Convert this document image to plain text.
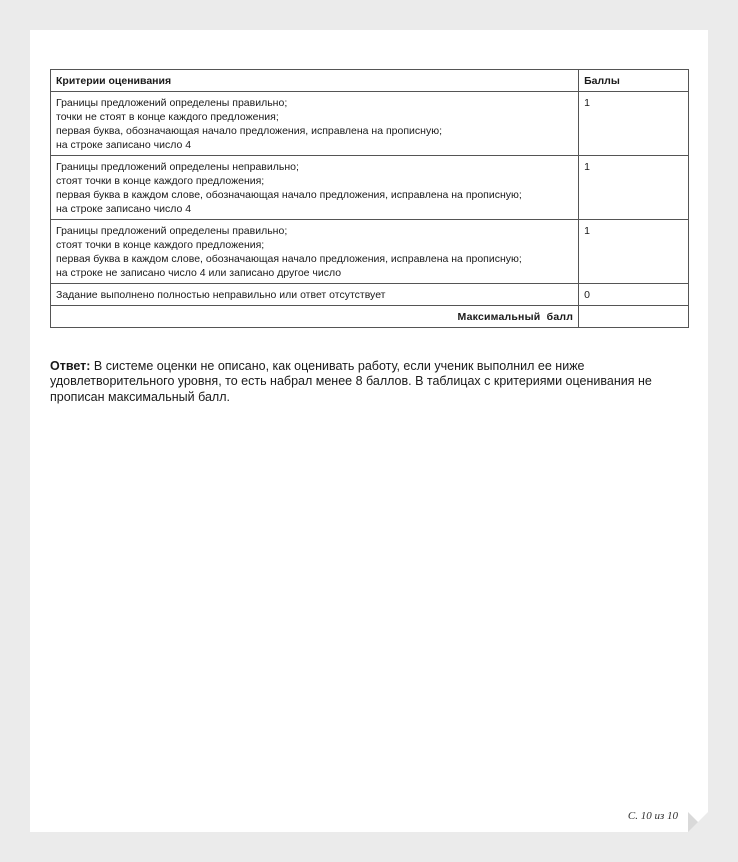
Критерии оценивания	Баллы

Границы предложений определены правильно;
точки не стоят в конце каждого предложения;
первая буква, обозначающая начало предложения, исправлена на прописную;
на строке записано число 4	1

Границы предложений определены неправильно;
стоят точки в конце каждого предложения;
первая буква в каждом слове, обозначающая начало предложения, исправлена на прописную;
на строке записано число 4	1

Границы предложений определены правильно;
стоят точки в конце каждого предложения;
первая буква в каждом слове, обозначающая начало предложения, исправлена на прописную;
на строке не записано число 4 или записано другое число	1

Задание выполнено полностью неправильно или ответ отсутствует	0
Максимальный  балл	

Ответ: В системе оценки не описано, как оценивать работу, если ученик выполнил ее ниже удовлетворительного уровня, то есть набрал менее 8 баллов. В таблицах с критериями оценивания не прописан максимальный балл.

С. 10 из 10
